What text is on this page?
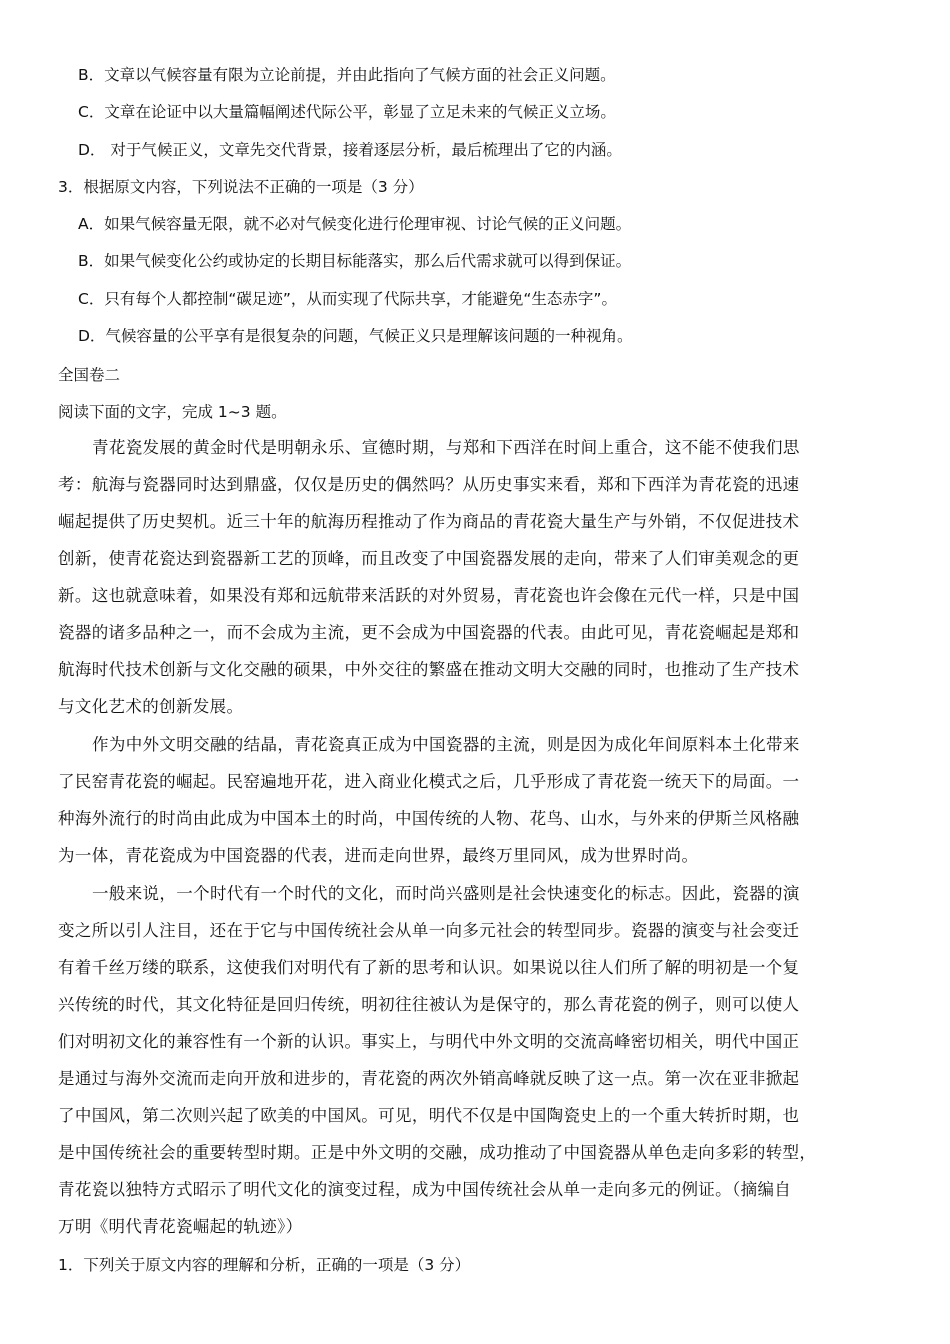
B．文章以气候容量有限为立论前提，并由此指向了气候方面的社会正义问题。
C．文章在论证中以大量篇幅阐述代际公平，彰显了立足未来的气候正义立场。
D． 对于气候正义，文章先交代背景，接着逐层分析，最后梳理出了它的内涵。
3．根据原文内容，下列说法不正确的一项是（3 分）
A．如果气候容量无限，就不必对气候变化进行伦理审视、讨论气候的正义问题。
B．如果气候变化公约或协定的长期目标能落实，那么后代需求就可以得到保证。
C．只有每个人都控制“碳足迹”，从而实现了代际共享，才能避免“生态赤字”。
D．气候容量的公平享有是很复杂的问题，气候正义只是理解该问题的一种视角。
全国卷二
阅读下面的文字，完成 1~3 题。
青花瓷发展的黄金时代是明朝永乐、宣德时期，与郑和下西洋在时间上重合，这不能不使我们思
考：航海与瓷器同时达到鼎盛，仅仅是历史的偶然吗？从历史事实来看，郑和下西洋为青花瓷的迅速
崛起提供了历史契机。近三十年的航海历程推动了作为商品的青花瓷大量生产与外销，不仅促进技术
创新，使青花瓷达到瓷器新工艺的顶峰，而且改变了中国瓷器发展的走向，带来了人们审美观念的更
新。这也就意味着，如果没有郑和远航带来活跃的对外贸易，青花瓷也许会像在元代一样，只是中国
瓷器的诸多品种之一，而不会成为主流，更不会成为中国瓷器的代表。由此可见，青花瓷崛起是郑和
航海时代技术创新与文化交融的硕果，中外交往的繁盛在推动文明大交融的同时，也推动了生产技术
与文化艺术的创新发展。
作为中外文明交融的结晶，青花瓷真正成为中国瓷器的主流，则是因为成化年间原料本土化带来
了民窑青花瓷的崛起。民窑遍地开花，进入商业化模式之后，几乎形成了青花瓷一统天下的局面。一
种海外流行的时尚由此成为中国本土的时尚，中国传统的人物、花鸟、山水，与外来的伊斯兰风格融
为一体，青花瓷成为中国瓷器的代表，进而走向世界，最终万里同风，成为世界时尚。
一般来说，一个时代有一个时代的文化，而时尚兴盛则是社会快速变化的标志。因此，瓷器的演
变之所以引人注目，还在于它与中国传统社会从单一向多元社会的转型同步。瓷器的演变与社会变迁
有着千丝万缕的联系，这使我们对明代有了新的思考和认识。如果说以往人们所了解的明初是一个复
兴传统的时代，其文化特征是回归传统，明初往往被认为是保守的，那么青花瓷的例子，则可以使人
们对明初文化的兼容性有一个新的认识。事实上，与明代中外文明的交流高峰密切相关，明代中国正
是通过与海外交流而走向开放和进步的，青花瓷的两次外销高峰就反映了这一点。第一次在亚非掀起
了中国风，第二次则兴起了欧美的中国风。可见，明代不仅是中国陶瓷史上的一个重大转折时期，也
是中国传统社会的重要转型时期。正是中外文明的交融，成功推动了中国瓷器从单色走向多彩的转型，
青花瓷以独特方式昭示了明代文化的演变过程，成为中国传统社会从单一走向多元的例证。（摘编自
万明《明代青花瓷崛起的轨迹》）
1．下列关于原文内容的理解和分析，正确的一项是（3 分）
